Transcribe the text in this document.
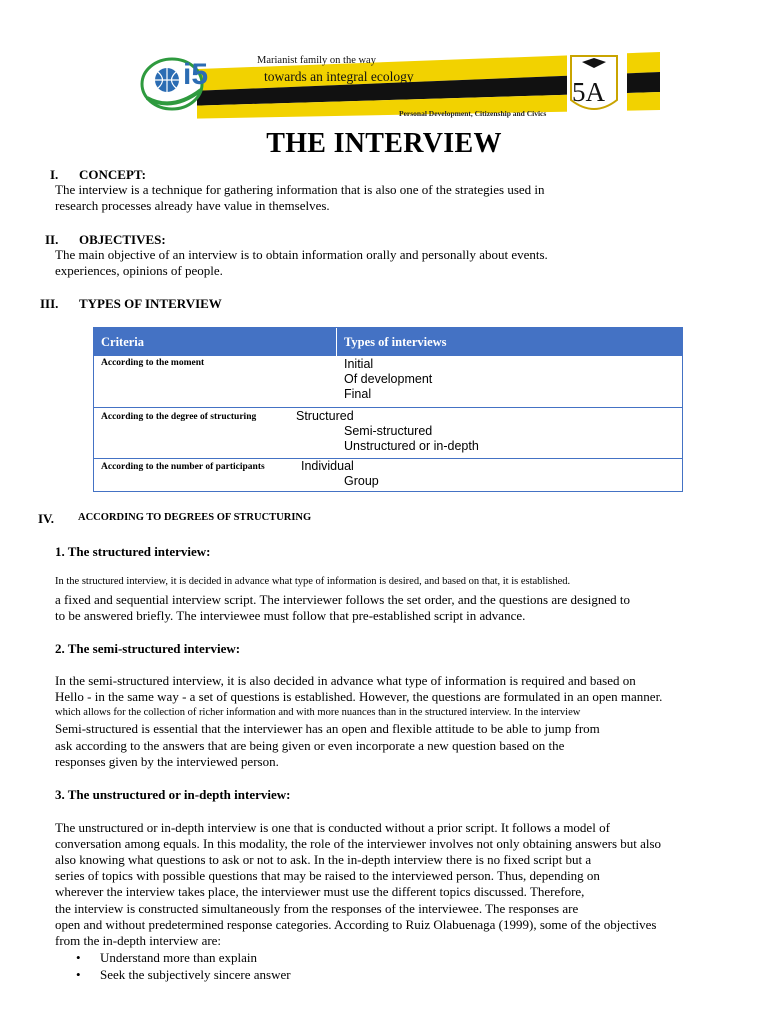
i5	Marianist family on the way
towards an integral ecology
Personal Development, Citizenship and Civics
5A
THE INTERVIEW
I. CONCEPT:
The interview is a technique for gathering information that is also one of the strategies used in
research processes already have value in themselves.
II. OBJECTIVES:
The main objective of an interview is to obtain information orally and personally about events.
experiences, opinions of people.
III. TYPES OF INTERVIEW
Criteria	Types of interviews
According to the moment	Initial
Of development
Final
According to the degree of structuring	Structured
Semi-structured
Unstructured or in-depth
According to the number of participants	Individual
Group
IV. ACCORDING TO DEGREES OF STRUCTURING
1. The structured interview:
In the structured interview, it is decided in advance what type of information is desired, and based on that, it is established.
a fixed and sequential interview script. The interviewer follows the set order, and the questions are designed to
to be answered briefly. The interviewee must follow that pre-established script in advance.
2. The semi-structured interview:
In the semi-structured interview, it is also decided in advance what type of information is required and based on
Hello - in the same way - a set of questions is established. However, the questions are formulated in an open manner.
which allows for the collection of richer information and with more nuances than in the structured interview. In the interview
Semi-structured is essential that the interviewer has an open and flexible attitude to be able to jump from
ask according to the answers that are being given or even incorporate a new question based on the
responses given by the interviewed person.
3. The unstructured or in-depth interview:
The unstructured or in-depth interview is one that is conducted without a prior script. It follows a model of
conversation among equals. In this modality, the role of the interviewer involves not only obtaining answers but also
also knowing what questions to ask or not to ask. In the in-depth interview there is no fixed script but a
series of topics with possible questions that may be raised to the interviewed person. Thus, depending on
wherever the interview takes place, the interviewer must use the different topics discussed. Therefore,
the interview is constructed simultaneously from the responses of the interviewee. The responses are
open and without predetermined response categories. According to Ruiz Olabuenaga (1999), some of the objectives
from the in-depth interview are:
• Understand more than explain
• Seek the subjectively sincere answer
